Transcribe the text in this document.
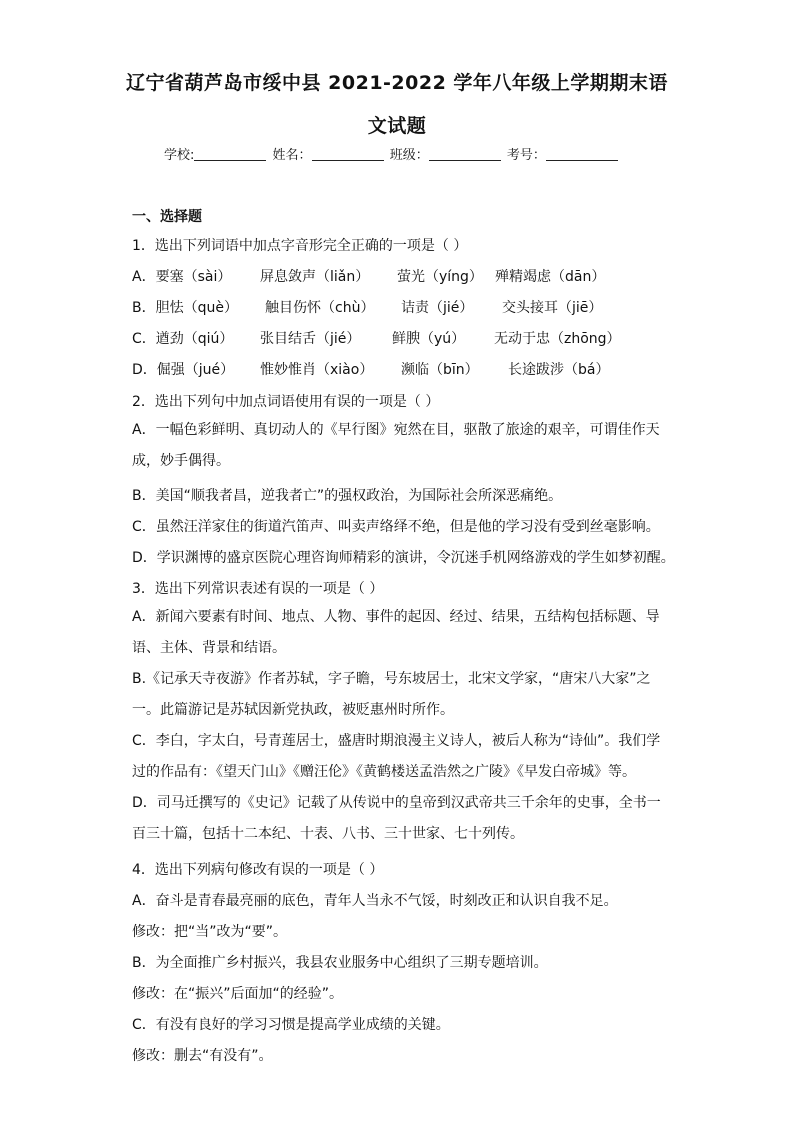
辽宁省葫芦岛市绥中县 2021-2022 学年八年级上学期期末语
文试题
学校:	姓名：	班级：	考号：
一、选择题
1．选出下列词语中加点字音形完全正确的一项是（ ）
A．要塞（sài） 屏息敛声（liǎn） 萤光（yíng） 殚精竭虑（dān）
B．胆怯（què） 触目伤怀（chù） 诘责（jié） 交头接耳（jiē）
C．遒劲（qiú） 张目结舌（jié） 鲜腴（yú） 无动于忠（zhōng）
D．倔强（jué） 惟妙惟肖（xiào） 濒临（bīn） 长途跋涉（bá）
2．选出下列句中加点词语使用有误的一项是（ ）
A．一幅色彩鲜明、真切动人的《早行图》宛然在目，驱散了旅途的艰辛，可谓佳作天成，妙手偶得。
B．美国“顺我者昌，逆我者亡”的强权政治，为国际社会所深恶痛绝。
C．虽然汪洋家住的街道汽笛声、叫卖声络绎不绝，但是他的学习没有受到丝毫影响。
D．学识渊博的盛京医院心理咨询师精彩的演讲，令沉迷手机网络游戏的学生如梦初醒。
3．选出下列常识表述有误的一项是（ ）
A．新闻六要素有时间、地点、人物、事件的起因、经过、结果，五结构包括标题、导语、主体、背景和结语。
B.《记承天寺夜游》作者苏轼，字子瞻，号东坡居士，北宋文学家，“唐宋八大家”之一。此篇游记是苏轼因新党执政，被贬惠州时所作。
C．李白，字太白，号青莲居士，盛唐时期浪漫主义诗人，被后人称为“诗仙”。我们学过的作品有：《望天门山》《赠汪伦》《黄鹤楼送孟浩然之广陵》《早发白帝城》等。
D．司马迁撰写的《史记》记载了从传说中的皇帝到汉武帝共三千余年的史事，全书一百三十篇，包括十二本纪、十表、八书、三十世家、七十列传。
4．选出下列病句修改有误的一项是（ ）
A．奋斗是青春最亮丽的底色，青年人当永不气馁，时刻改正和认识自我不足。
修改：把“当”改为“要”。
B．为全面推广乡村振兴，我县农业服务中心组织了三期专题培训。
修改：在“振兴”后面加“的经验”。
C．有没有良好的学习习惯是提高学业成绩的关键。
修改：删去“有没有”。
